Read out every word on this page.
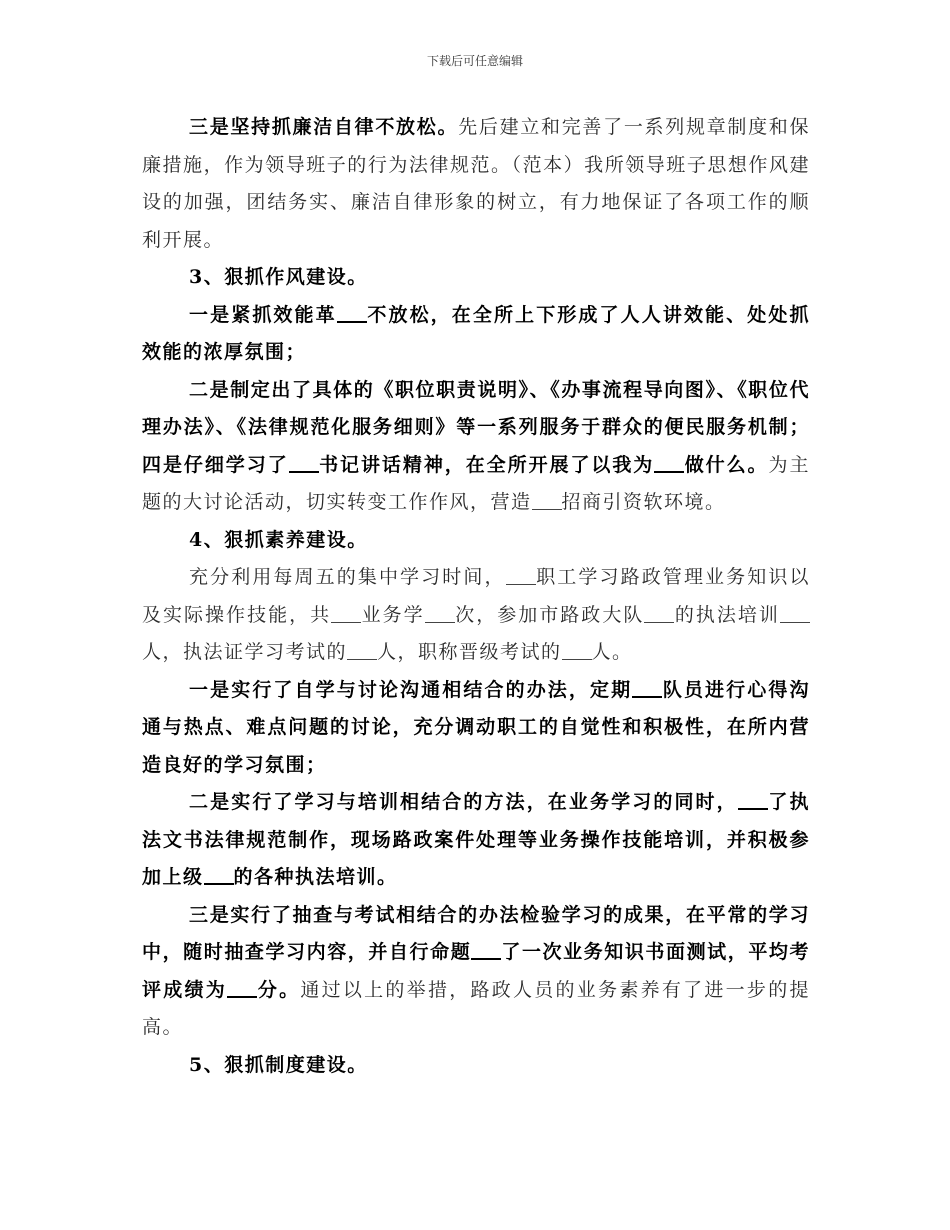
下载后可任意编辑

三是坚持抓廉洁自律不放松。先后建立和完善了一系列规章制度和保廉措施，作为领导班子的行为法律规范。（范本）我所领导班子思想作风建设的加强，团结务实、廉洁自律形象的树立，有力地保证了各项工作的顺利开展。

3、狠抓作风建设。

一是紧抓效能革 不放松，在全所上下形成了人人讲效能、处处抓效能的浓厚氛围；

二是制定出了具体的《职位职责说明》、《办事流程导向图》、《职位代理办法》、《法律规范化服务细则》等一系列服务于群众的便民服务机制；四是仔细学习了 书记讲话精神，在全所开展了以我为 做什么。为主题的大讨论活动，切实转变工作作风，营造 招商引资软环境。

4、狠抓素养建设。

充分利用每周五的集中学习时间， 职工学习路政管理业务知识以及实际操作技能，共 业务学 次，参加市路政大队 的执法培训人，执法证学习考试的 人，职称晋级考试的 人。

一是实行了自学与讨论沟通相结合的办法，定期 队员进行心得沟通与热点、难点问题的讨论，充分调动职工的自觉性和积极性，在所内营造良好的学习氛围；

二是实行了学习与培训相结合的方法，在业务学习的同时， 了执法文书法律规范制作，现场路政案件处理等业务操作技能培训，并积极参加上级 的各种执法培训。

三是实行了抽查与考试相结合的办法检验学习的成果，在平常的学习中，随时抽查学习内容，并自行命题 了一次业务知识书面测试，平均考评成绩为 分。通过以上的举措，路政人员的业务素养有了进一步的提高。

5、狠抓制度建设。
